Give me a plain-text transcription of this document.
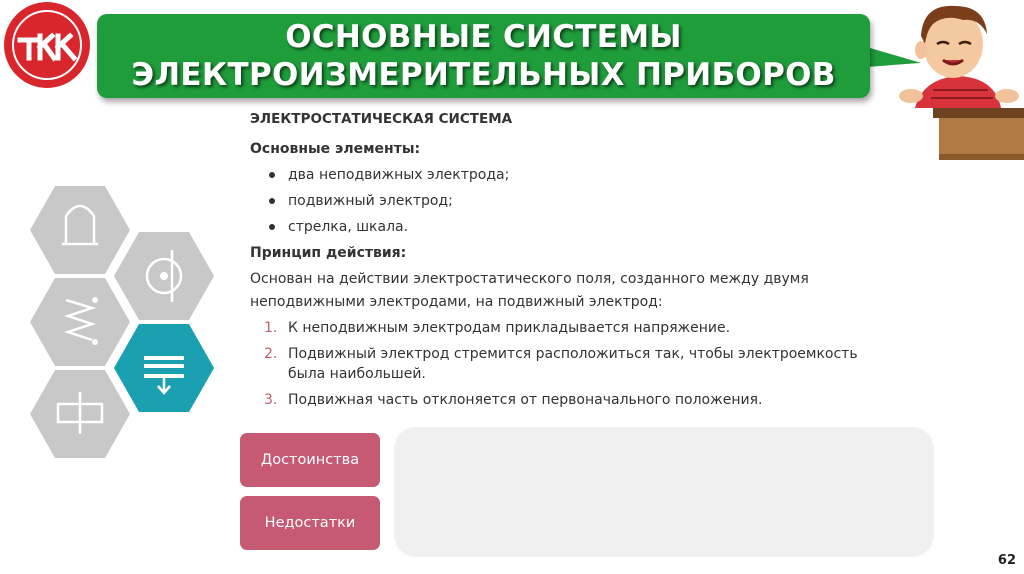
ОСНОВНЫЕ СИСТЕМЫ
ЭЛЕКТРОИЗМЕРИТЕЛЬНЫХ ПРИБОРОВ
ЭЛЕКТРОСТАТИЧЕСКАЯ СИСТЕМА
Основные элементы:
два неподвижных электрода;
подвижный электрод;
стрелка, шкала.
Принцип действия:
Основан на действии электростатического поля, созданного между двумя
неподвижными электродами, на подвижный электрод:
1. К неподвижным электродам прикладывается напряжение.
2. Подвижный электрод стремится расположиться так, чтобы электроемкость
была наибольшей.
3. Подвижная часть отклоняется от первоначального положения.
Достоинства
Недостатки
62
